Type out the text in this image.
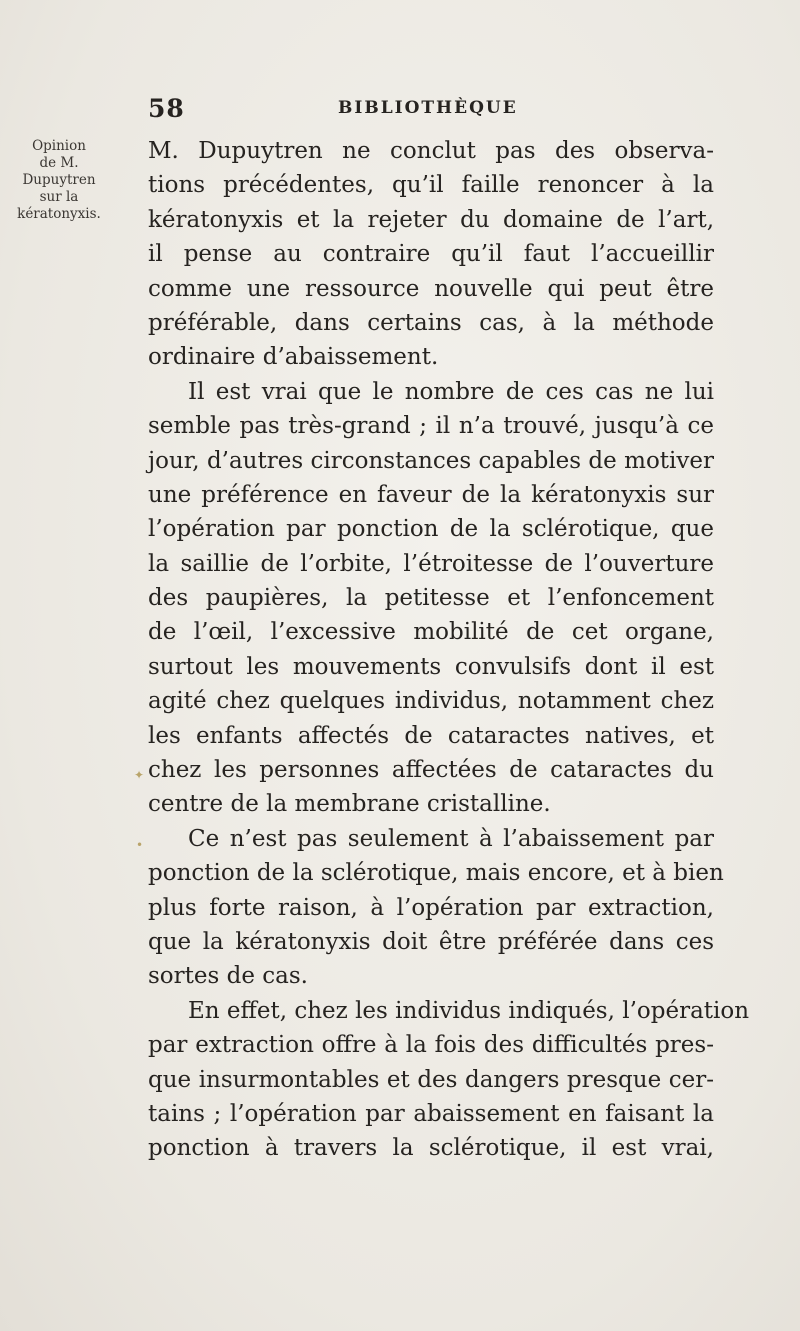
58	BIBLIOTHÈQUE
Opinion
de M.
Dupuytren
sur la
kératonyxis.
M. Dupuytren ne conclut pas des observa-
tions précédentes, qu’il faille renoncer à la
kératonyxis et la rejeter du domaine de l’art,
il pense au contraire qu’il faut l’accueillir
comme une ressource nouvelle qui peut être
préférable, dans certains cas, à la méthode
ordinaire d’abaissement.
Il est vrai que le nombre de ces cas ne lui
semble pas très-grand ; il n’a trouvé, jusqu’à ce
jour, d’autres circonstances capables de motiver
une préférence en faveur de la kératonyxis sur
l’opération par ponction de la sclérotique, que
la saillie de l’orbite, l’étroitesse de l’ouverture
des paupières, la petitesse et l’enfoncement
de l’œil, l’excessive mobilité de cet organe,
surtout les mouvements convulsifs dont il est
agité chez quelques individus, notamment chez
les enfants affectés de cataractes natives, et
chez les personnes affectées de cataractes du
centre de la membrane cristalline.
Ce n’est pas seulement à l’abaissement par
ponction de la sclérotique, mais encore, et à bien
plus forte raison, à l’opération par extraction,
que la kératonyxis doit être préférée dans ces
sortes de cas.
En effet, chez les individus indiqués, l’opération
par extraction offre à la fois des difficultés pres-
que insurmontables et des dangers presque cer-
tains ; l’opération par abaissement en faisant la
ponction à travers la sclérotique, il est vrai,
✦
•
